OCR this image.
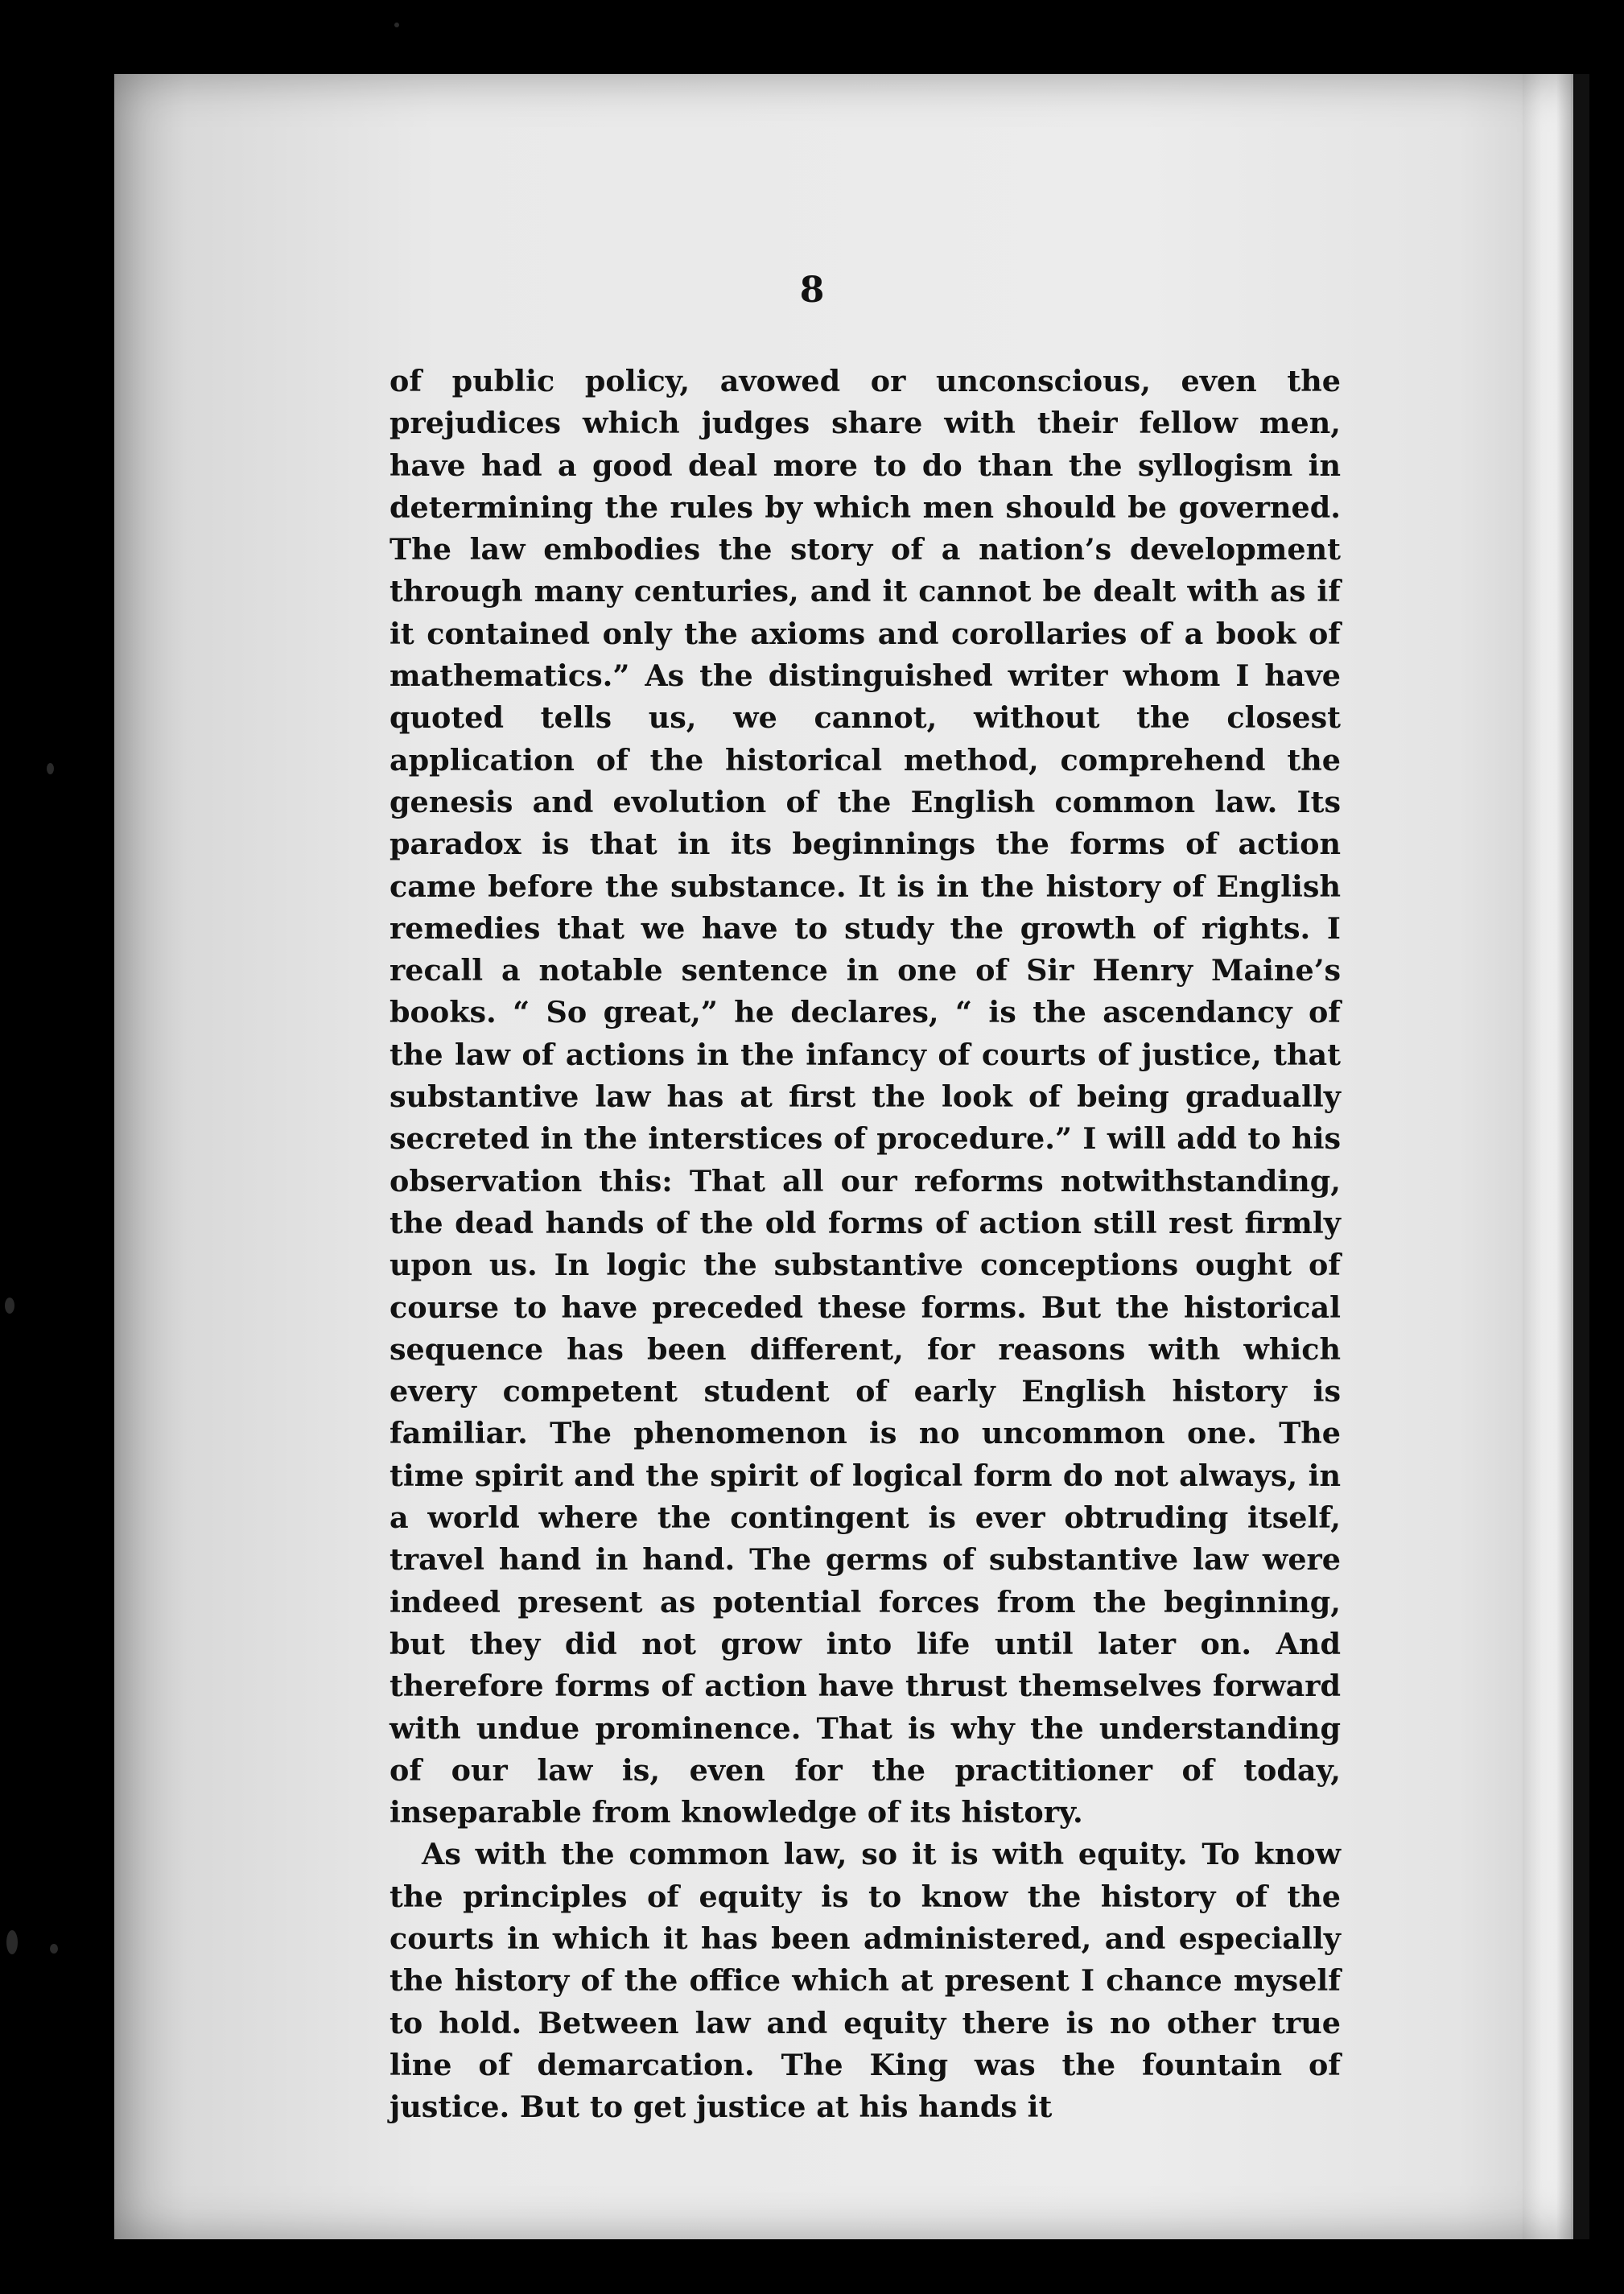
8

of public policy, avowed or unconscious, even the prejudices which judges share with their fellow men, have had a good deal more to do than the syllogism in determining the rules by which men should be governed. The law embodies the story of a nation’s development through many centuries, and it cannot be dealt with as if it contained only the axioms and corollaries of a book of mathematics.” As the distinguished writer whom I have quoted tells us, we cannot, without the closest application of the historical method, comprehend the genesis and evolution of the English common law. Its paradox is that in its beginnings the forms of action came before the substance. It is in the history of English remedies that we have to study the growth of rights. I recall a notable sentence in one of Sir Henry Maine’s books. “ So great,” he declares, “ is the ascendancy of the law of actions in the infancy of courts of justice, that substantive law has at first the look of being gradually secreted in the interstices of procedure.” I will add to his observation this: That all our reforms notwithstanding, the dead hands of the old forms of action still rest firmly upon us. In logic the substantive conceptions ought of course to have preceded these forms. But the historical sequence has been different, for reasons with which every competent student of early English history is familiar. The phenomenon is no uncommon one. The time spirit and the spirit of logical form do not always, in a world where the contingent is ever obtruding itself, travel hand in hand. The germs of substantive law were indeed present as potential forces from the beginning, but they did not grow into life until later on. And therefore forms of action have thrust themselves forward with undue prominence. That is why the understanding of our law is, even for the practitioner of today, inseparable from knowledge of its history.

As with the common law, so it is with equity. To know the principles of equity is to know the history of the courts in which it has been administered, and especially the history of the office which at present I chance myself to hold. Between law and equity there is no other true line of demarcation. The King was the fountain of justice. But to get justice at his hands it
